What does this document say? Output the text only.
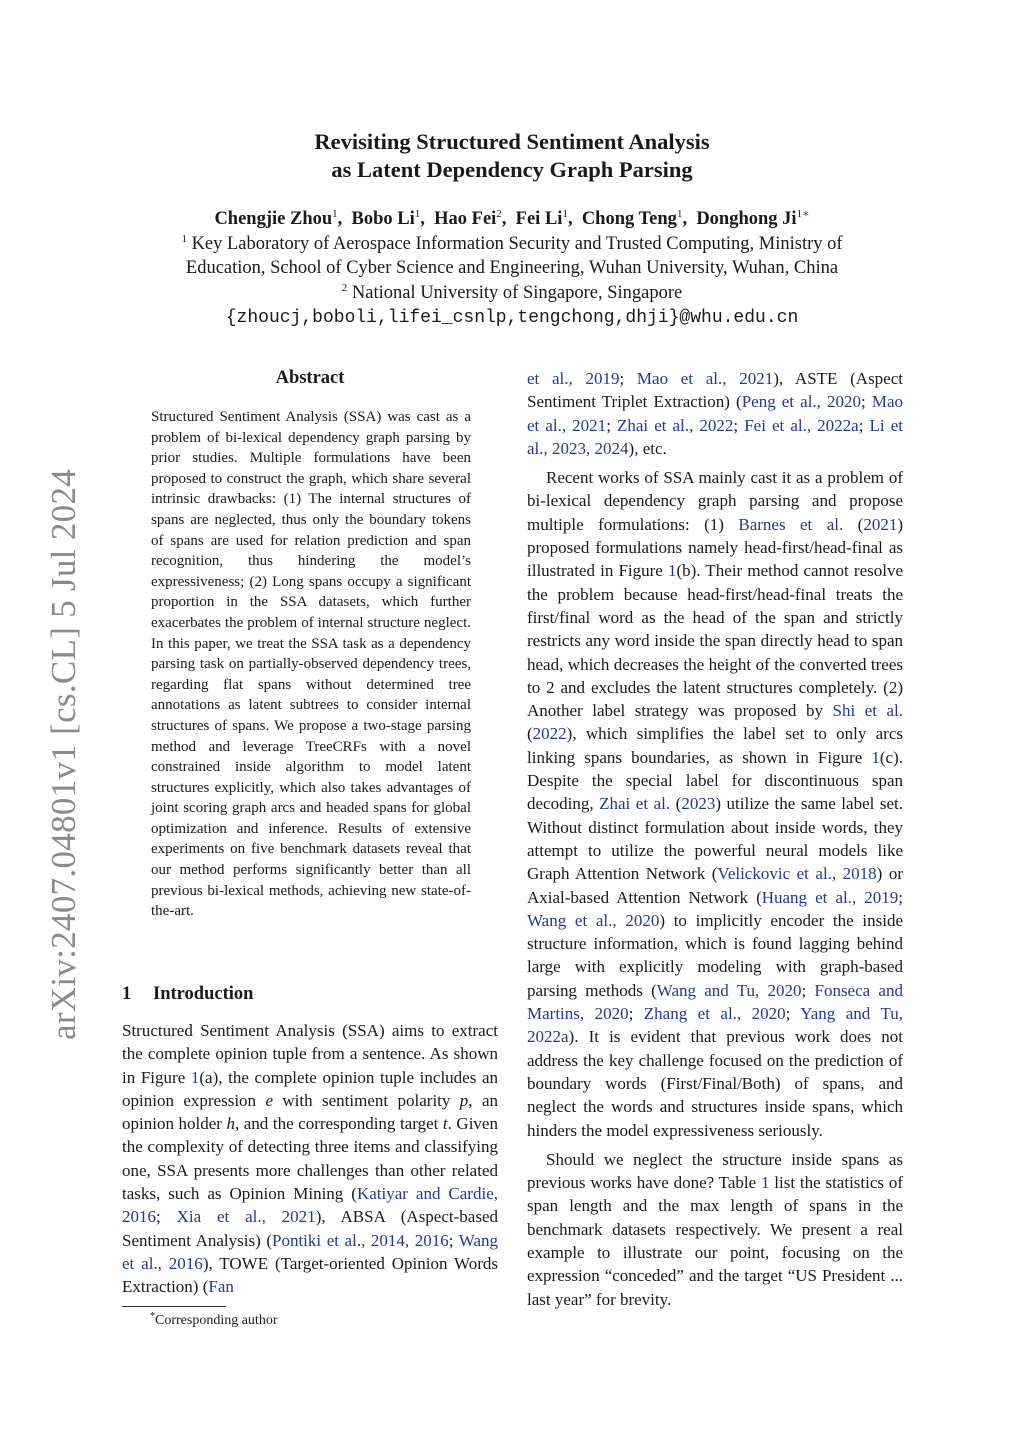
Revisiting Structured Sentiment Analysis
as Latent Dependency Graph Parsing
Chengjie Zhou$^1$,  Bobo Li$^1$,  Hao Fei$^2$,  Fei Li$^1$,  Chong Teng$^1$,  Donghong $Ji^{1∗}$
$^1$ Key Laboratory of Aerospace Information Security and Trusted Computing, Ministry of
Education, School of Cyber Science and Engineering, Wuhan University, Wuhan, China
$^2$ National University of Singapore, Singapore
{zhoucj,boboli,lifei_csnlp,tengchong,dhji}@whu.edu.cn
arXiv:2407.04801v1 [cs.CL] 5 Jul 2024
Abstract
Structured Sentiment Analysis (SSA) was cast as a problem of bi-lexical dependency graph parsing by prior studies. Multiple formulations have been proposed to construct the graph, which share several intrinsic drawbacks: (1) The internal structures of spans are neglected, thus only the boundary tokens of spans are used for relation prediction and span recognition, thus hindering the model’s expressiveness; (2) Long spans occupy a significant proportion in the SSA datasets, which further exacerbates the problem of internal structure neglect. In this paper, we treat the SSA task as a dependency parsing task on partially-observed dependency trees, regarding flat spans without determined tree annotations as latent subtrees to consider internal structures of spans. We propose a two-stage parsing method and leverage TreeCRFs with a novel constrained inside algorithm to model latent structures explicitly, which also takes advantages of joint scoring graph arcs and headed spans for global optimization and inference. Results of extensive experiments on five benchmark datasets reveal that our method performs significantly better than all previous bi-lexical methods, achieving new state-of-the-art.
1 Introduction
Structured Sentiment Analysis (SSA) aims to extract the complete opinion tuple from a sentence. As shown in Figure 1(a), the complete opinion tuple includes an opinion expression e with sentiment polarity p, an opinion holder h, and the corresponding target t. Given the complexity of detecting three items and classifying one, SSA presents more challenges than other related tasks, such as Opinion Mining (Katiyar and Cardie, 2016; Xia et al., 2021), ABSA (Aspect-based Sentiment Analysis) (Pontiki et al., 2014, 2016; Wang et al., 2016), TOWE (Target-oriented Opinion Words Extraction) (Fan
*Corresponding author

et al., 2019; Mao et al., 2021), ASTE (Aspect Sentiment Triplet Extraction) (Peng et al., 2020; Mao et al., 2021; Zhai et al., 2022; Fei et al., 2022a; Li et al., 2023, 2024), etc.

Recent works of SSA mainly cast it as a problem of bi-lexical dependency graph parsing and propose multiple formulations: (1) Barnes et al. (2021) proposed formulations namely head-first/head-final as illustrated in Figure 1(b). Their method cannot resolve the problem because head-first/head-final treats the first/final word as the head of the span and strictly restricts any word inside the span directly head to span head, which decreases the height of the converted trees to 2 and excludes the latent structures completely. (2) Another label strategy was proposed by Shi et al. (2022), which simplifies the label set to only arcs linking spans boundaries, as shown in Figure 1(c). Despite the special label for discontinuous span decoding, Zhai et al. (2023) utilize the same label set. Without distinct formulation about inside words, they attempt to utilize the powerful neural models like Graph Attention Network (Velickovic et al., 2018) or Axial-based Attention Network (Huang et al., 2019; Wang et al., 2020) to implicitly encoder the inside structure information, which is found lagging behind large with explicitly modeling with graph-based parsing methods (Wang and Tu, 2020; Fonseca and Martins, 2020; Zhang et al., 2020; Yang and Tu, 2022a). It is evident that previous work does not address the key challenge focused on the prediction of boundary words (First/Final/Both) of spans, and neglect the words and structures inside spans, which hinders the model expressiveness seriously.

Should we neglect the structure inside spans as previous works have done? Table 1 list the statistics of span length and the max length of spans in the benchmark datasets respectively. We present a real example to illustrate our point, focusing on the expression “conceded” and the target “US President ... last year” for brevity.
